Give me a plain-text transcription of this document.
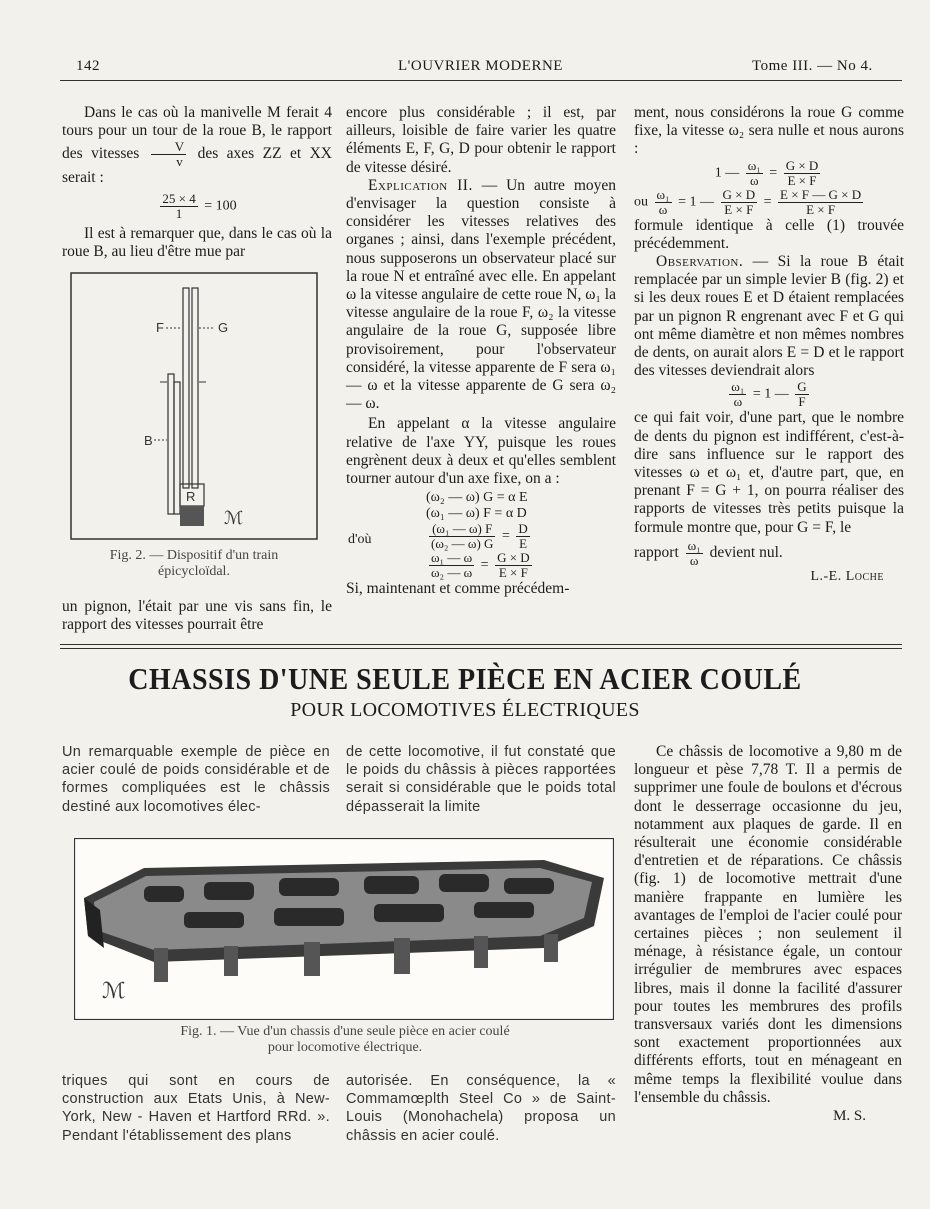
142	L'OUVRIER MODERNE	Tome III. — No 4.

Dans le cas où la manivelle M ferait 4 tours pour un tour de la roue B, le rapport des vitesses $\frac{V}{v}$ des axes ZZ et XX serait :

$\frac{25 \times 4}{1} = 100$

Il est à remarquer que, dans le cas où la roue B, au lieu d'être mue par

F	G
B
R
ℳ
Fig. 2. — Dispositif d'un train
épicycloïdal.
un pignon, l'était par une vis sans fin, le rapport des vitesses pourrait être

encore plus considérable ; il est, par ailleurs, loisible de faire varier les quatre éléments E, F, G, D pour obtenir le rapport de vitesse désiré.

Explication II. — Un autre moyen d'envisager la question consiste à considérer les vitesses relatives des organes ; ainsi, dans l'exemple précédent, nous supposerons un observateur placé sur la roue N et entraîné avec elle. En appelant ω la vitesse angulaire de cette roue N, ω₁ la vitesse angulaire de la roue F, ω₂ la vitesse angulaire de la roue G, supposée libre provisoirement, pour l'observateur considéré, la vitesse apparente de F sera ω₁ — ω et la vitesse apparente de G sera ω₂ — ω.

En appelant α la vitesse angulaire relative de l'axe YY, puisque les roues engrènent deux à deux et qu'elles semblent tourner autour d'un axe fixe, on a :

(ω₂ — ω) G = α E
(ω₁ — ω) F = α D
d'où	$\frac{\text{(ω₁ — ω) F}}{\text{(ω₂ — ω) G}} = \frac{D}{E}$
$\frac{\text{ω₁ — ω}}{\text{ω₂ — ω}} = \frac{G \times D}{E \times F}$

Si, maintenant et comme précédem-

ment, nous considérons la roue G comme fixe, la vitesse ω₂ sera nulle et nous aurons :

1 — $\frac{\text{ω₁}}{\omega} = \frac{G \times D}{E \times F}$
ou $\frac{\text{ω₁}}{\omega} = 1$ — $\frac{G \times D}{E \times F} = \frac{E \times F — G \times D}{E \times F}$

formule identique à celle (1) trouvée précédemment.

Observation. — Si la roue B était remplacée par un simple levier B (fig. 2) et si les deux roues E et D étaient remplacées par un pignon R engrenant avec F et G qui ont même diamètre et non mêmes nombres de dents, on aurait alors E = D et le rapport des vitesses deviendrait alors

$\frac{\text{ω₁}}{\omega} = 1$ — $\frac{G}{F}$

ce qui fait voir, d'une part, que le nombre de dents du pignon est indifférent, c'est-à-dire sans influence sur le rapport des vitesses ω et ω₁ et, d'autre part, que, en prenant F = G + 1, on pourra réaliser des rapports de vitesses très petits puisque la formule montre que, pour G = F, le

rapport $\frac{\text{ω₁}}{\omega}$ devient nul.

L.-E. Loche

CHASSIS D'UNE SEULE PIÈCE EN ACIER COULÉ
POUR LOCOMOTIVES ÉLECTRIQUES
Un remarquable exemple de pièce en acier coulé de poids considérable et de formes compliquées est le châssis destiné aux locomotives élec-
de cette locomotive, il fut constaté que le poids du châssis à pièces rapportées serait si considérable que le poids total dépasserait la limite
ℳ
Fig. 1. — Vue d'un chassis d'une seule pièce en acier coulé
pour locomotive électrique.
triques qui sont en cours de construction aux Etats Unis, à New-York, New - Haven et Hartford RRd. ». Pendant l'établissement des plans
autorisée. En conséquence, la « Commamœplth Steel Co » de Saint-Louis (Monohachela) proposa un châssis en acier coulé.

Ce châssis de locomotive a 9,80 m de longueur et pèse 7,78 T. Il a permis de supprimer une foule de boulons et d'écrous dont le desserrage occasionne du jeu, notamment aux plaques de garde. Il en résulterait une économie considérable d'entretien et de réparations. Ce châssis (fig. 1) de locomotive mettrait d'une manière frappante en lumière les avantages de l'emploi de l'acier coulé pour certaines pièces ; non seulement il ménage, à résistance égale, un contour irrégulier de membrures avec espaces libres, mais il donne la facilité d'assurer pour toutes les membrures des profils transversaux variés dont les dimensions sont exactement proportionnées aux différents efforts, tout en ménageant en même temps la flexibilité voulue dans l'ensemble du châssis.

M. S.
